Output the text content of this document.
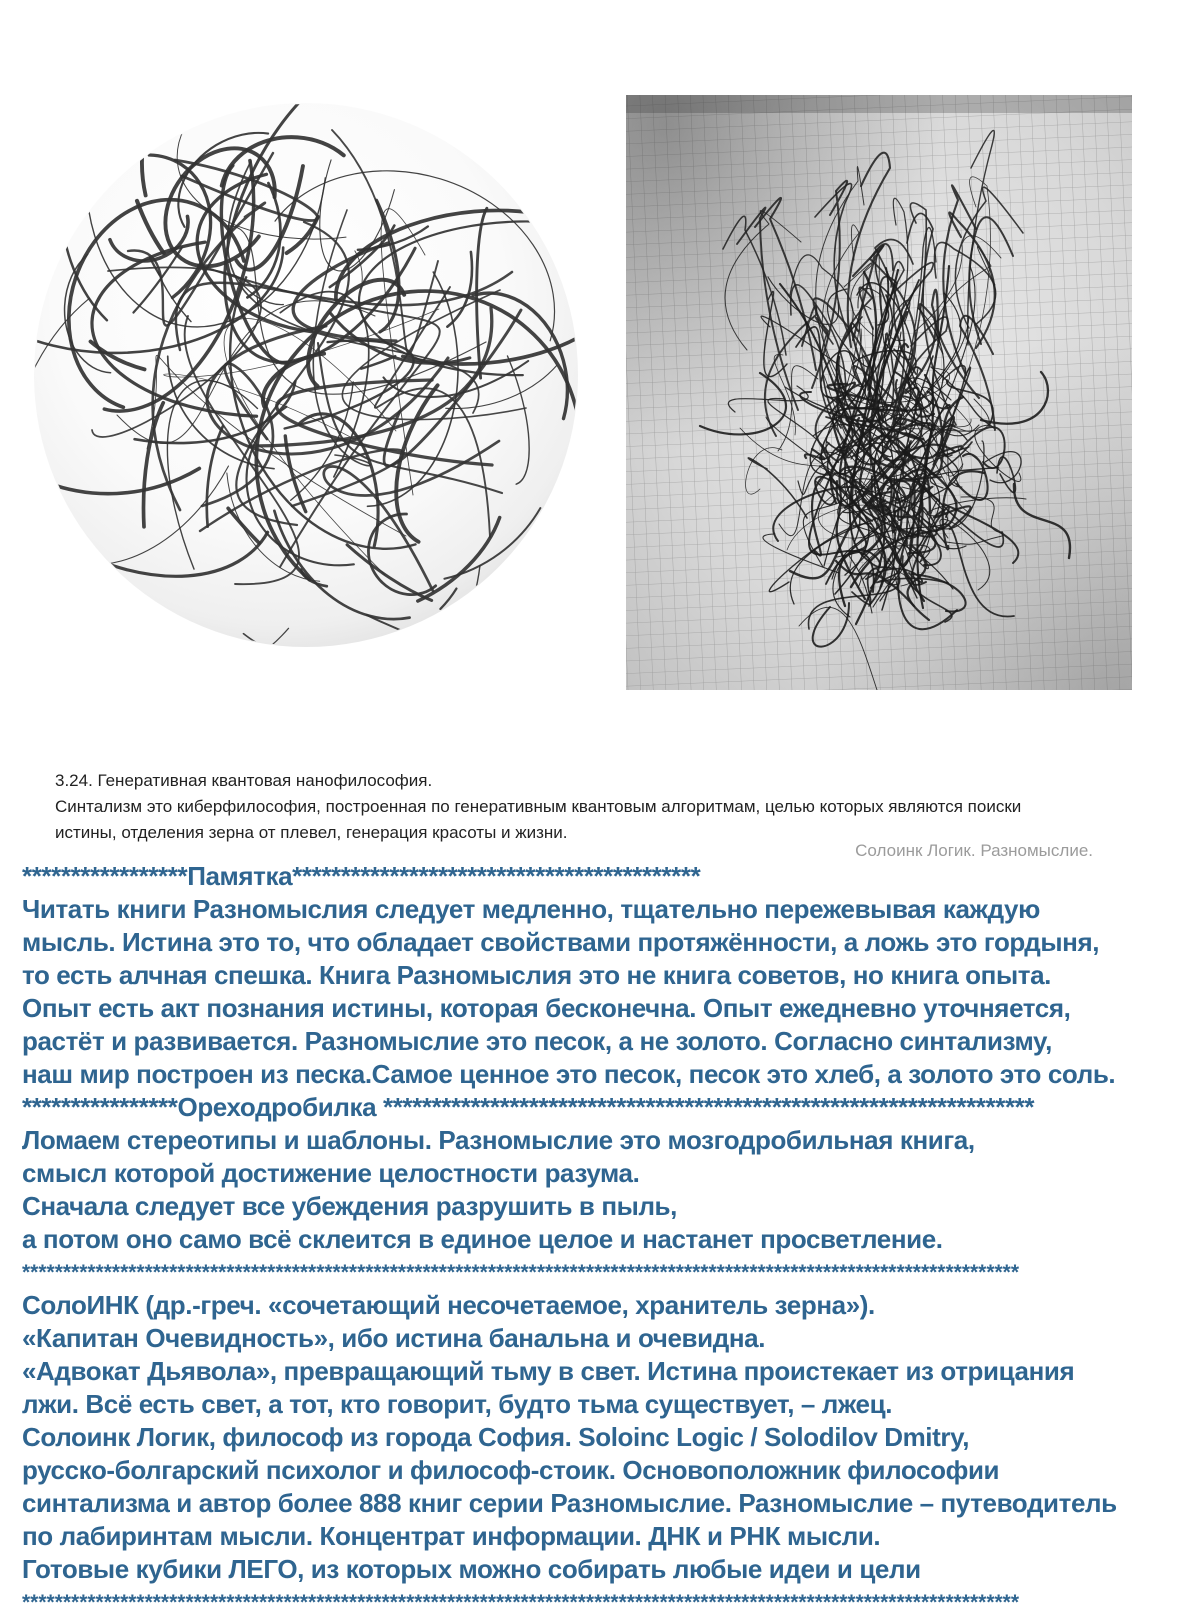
3.24. Генеративная квантовая нанофилософия.
Синтализм это киберфилософия, построенная по генеративным квантовым алгоритмам, целью которых являются поиски
истины, отделения зерна от плевел, генерация красоты и жизни.
Солоинк Логик. Разномыслие.
*****************Памятка******************************************
Читать книги Разномыслия следует медленно, тщательно пережевывая каждую
мысль. Истина это то, что обладает свойствами протяжённости, а ложь это гордыня,
то есть алчная спешка. Книга Разномыслия это не книга советов, но книга опыта.
Опыт есть акт познания истины, которая бесконечна. Опыт ежедневно уточняется,
растёт и развивается. Разномыслие это песок, а не золото. Согласно синтализму,
наш мир построен из песка.Самое ценное это песок, песок это хлеб, а золото это соль.
****************Ореходробилка *******************************************************************
Ломаем стереотипы и шаблоны. Разномыслие это мозгодробильная книга,
смысл которой достижение целостности разума.
Сначала следует все убеждения разрушить в пыль,
а потом оно само всё склеится в единое целое и настанет просветление.
**************************************************************************************************************************
СолоИНК (др.-греч. «сочетающий несочетаемое, хранитель зерна»).
«Капитан Очевидность», ибо истина банальна и очевидна.
«Адвокат Дьявола», превращающий тьму в свет. Истина проистекает из отрицания
лжи. Всё есть свет, а тот, кто говорит, будто тьма существует, – лжец.
Солоинк Логик, философ из города София. Soloinc Logic / Solodilov Dmitry,
русско-болгарский психолог и философ-стоик. Основоположник философии
синтализма и автор более 888 книг серии Разномыслие. Разномыслие – путеводитель
по лабиринтам мысли. Концентрат информации. ДНК и РНК мысли.
Готовые кубики ЛЕГО, из которых можно собирать любые идеи и цели
**************************************************************************************************************************
